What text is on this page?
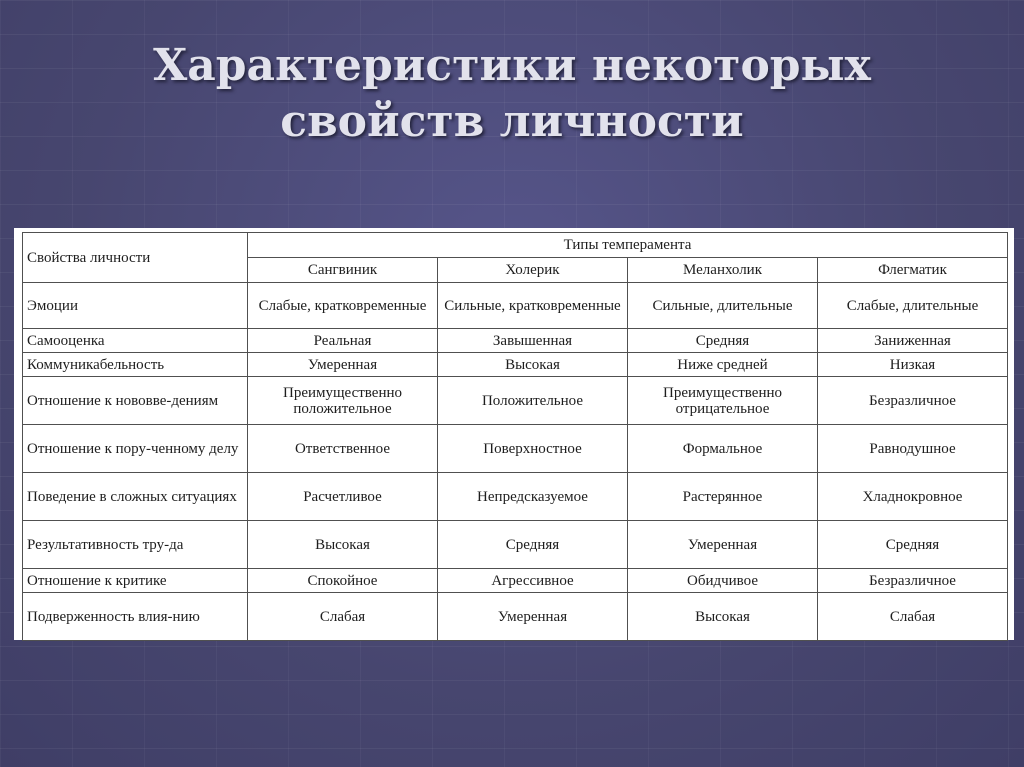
Характеристики некоторых
свойств личности
Свойства личности	Типы темперамента			
	Сангвиник	Холерик	Меланхолик	Флегматик
Эмоции	Слабые, кратковременные	Сильные, кратковременные	Сильные, длительные	Слабые, длительные
Самооценка	Реальная	Завышенная	Средняя	Заниженная
Коммуникабельность	Умеренная	Высокая	Ниже средней	Низкая
Отношение к нововве-дениям	Преимущественно положительное	Положительное	Преимущественно отрицательное	Безразличное
Отношение к пору-ченному делу	Ответственное	Поверхностное	Формальное	Равнодушное
Поведение в сложных ситуациях	Расчетливое	Непредсказуемое	Растерянное	Хладнокровное
Результативность тру-да	Высокая	Средняя	Умеренная	Средняя
Отношение к критике	Спокойное	Агрессивное	Обидчивое	Безразличное
Подверженность влия-нию	Слабая	Умеренная	Высокая	Слабая
